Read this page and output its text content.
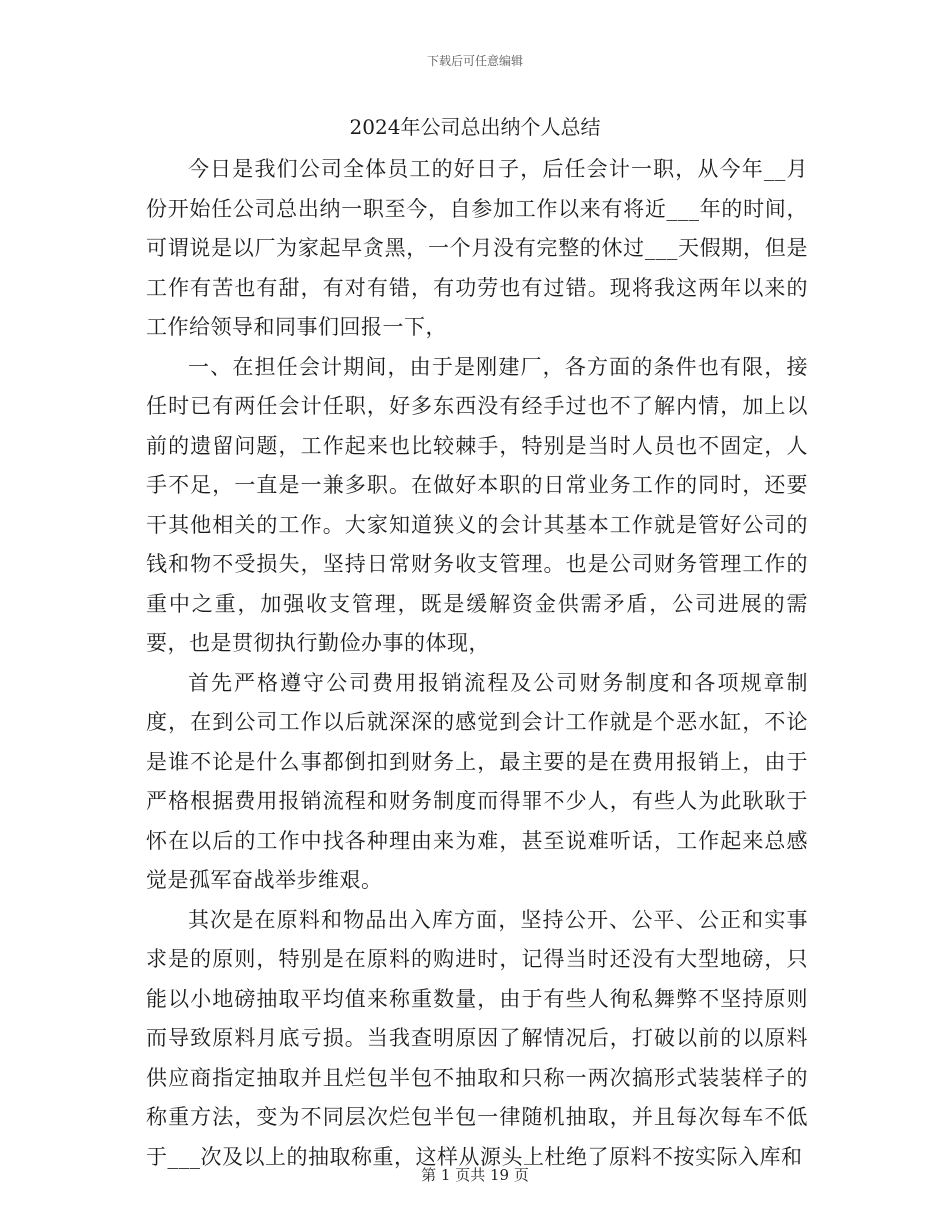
下载后可任意编辑
2024年公司总出纳个人总结

今日是我们公司全体员工的好日子，后任会计一职，从今年__月份开始任公司总出纳一职至今，自参加工作以来有将近___年的时间，可谓说是以厂为家起早贪黑，一个月没有完整的休过___天假期，但是工作有苦也有甜，有对有错，有功劳也有过错。现将我这两年以来的工作给领导和同事们回报一下，

一、在担任会计期间，由于是刚建厂，各方面的条件也有限，接任时已有两任会计任职，好多东西没有经手过也不了解内情，加上以前的遗留问题，工作起来也比较棘手，特别是当时人员也不固定，人手不足，一直是一兼多职。在做好本职的日常业务工作的同时，还要干其他相关的工作。大家知道狭义的会计其基本工作就是管好公司的钱和物不受损失，坚持日常财务收支管理。也是公司财务管理工作的重中之重，加强收支管理，既是缓解资金供需矛盾，公司进展的需要，也是贯彻执行勤俭办事的体现，

首先严格遵守公司费用报销流程及公司财务制度和各项规章制度，在到公司工作以后就深深的感觉到会计工作就是个恶水缸，不论是谁不论是什么事都倒扣到财务上，最主要的是在费用报销上，由于严格根据费用报销流程和财务制度而得罪不少人，有些人为此耿耿于怀在以后的工作中找各种理由来为难，甚至说难听话，工作起来总感觉是孤军奋战举步维艰。

其次是在原料和物品出入库方面，坚持公开、公平、公正和实事求是的原则，特别是在原料的购进时，记得当时还没有大型地磅，只能以小地磅抽取平均值来称重数量，由于有些人徇私舞弊不坚持原则而导致原料月底亏损。当我查明原因了解情况后，打破以前的以原料供应商指定抽取并且烂包半包不抽取和只称一两次搞形式装装样子的称重方法，变为不同层次烂包半包一律随机抽取，并且每次每车不低于___次及以上的抽取称重，这样从源头上杜绝了原料不按实际入库和

第 1 页共 19 页
